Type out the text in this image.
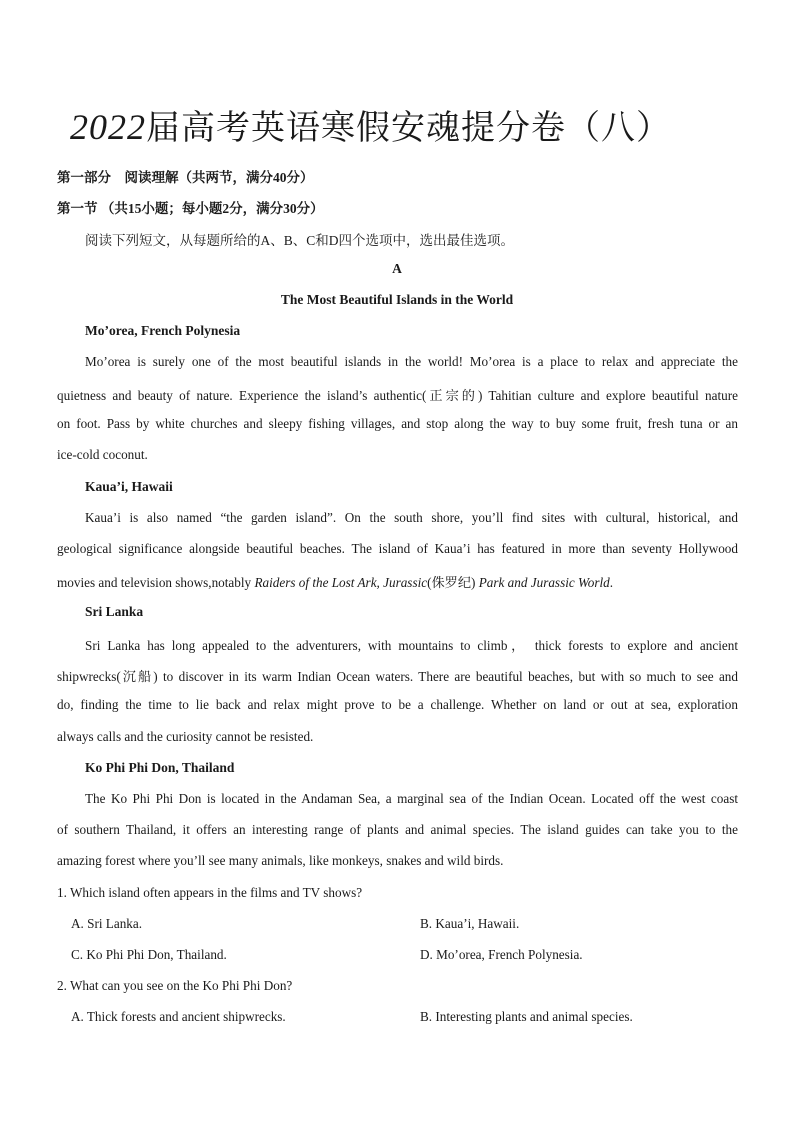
2022届高考英语寒假安魂提分卷（八）
第一部分　阅读理解（共两节，满分40分）
第一节 （共15小题；每小题2分，满分30分）
阅读下列短文，从每题所给的A、B、C和D四个选项中，选出最佳选项。
A
The Most Beautiful Islands in the World
Mo’orea, French Polynesia
Mo’orea is surely one of the most beautiful islands in the world! Mo’orea is a place to relax and appreciate the
quietness and beauty of nature. Experience the island’s authentic(正宗的) Tahitian culture and explore beautiful nature
on foot. Pass by white churches and sleepy fishing villages, and stop along the way to buy some fruit, fresh tuna or an
ice-cold coconut.
Kaua’i, Hawaii
Kaua’i is also named “the garden island”. On the south shore, you’ll find sites with cultural, historical, and
geological significance alongside beautiful beaches. The island of Kaua’i has featured in more than seventy Hollywood
movies and television shows,notably Raiders of the Lost Ark, Jurassic(侏罗纪) Park and Jurassic World.
Sri Lanka
Sri Lanka has long appealed to the adventurers, with mountains to climb， thick forests to explore and ancient
shipwrecks(沉船) to discover in its warm Indian Ocean waters. There are beautiful beaches, but with so much to see and
do, finding the time to lie back and relax might prove to be a challenge. Whether on land or out at sea, exploration
always calls and the curiosity cannot be resisted.
Ko Phi Phi Don, Thailand
The Ko Phi Phi Don is located in the Andaman Sea, a marginal sea of the Indian Ocean. Located off the west coast
of southern Thailand, it offers an interesting range of plants and animal species. The island guides can take you to the
amazing forest where you’ll see many animals, like monkeys, snakes and wild birds.
1. Which island often appears in the films and TV shows?
A. Sri Lanka.	B. Kaua’i, Hawaii.
C. Ko Phi Phi Don, Thailand.	D. Mo’orea, French Polynesia.
2. What can you see on the Ko Phi Phi Don?
A. Thick forests and ancient shipwrecks.	B. Interesting plants and animal species.
